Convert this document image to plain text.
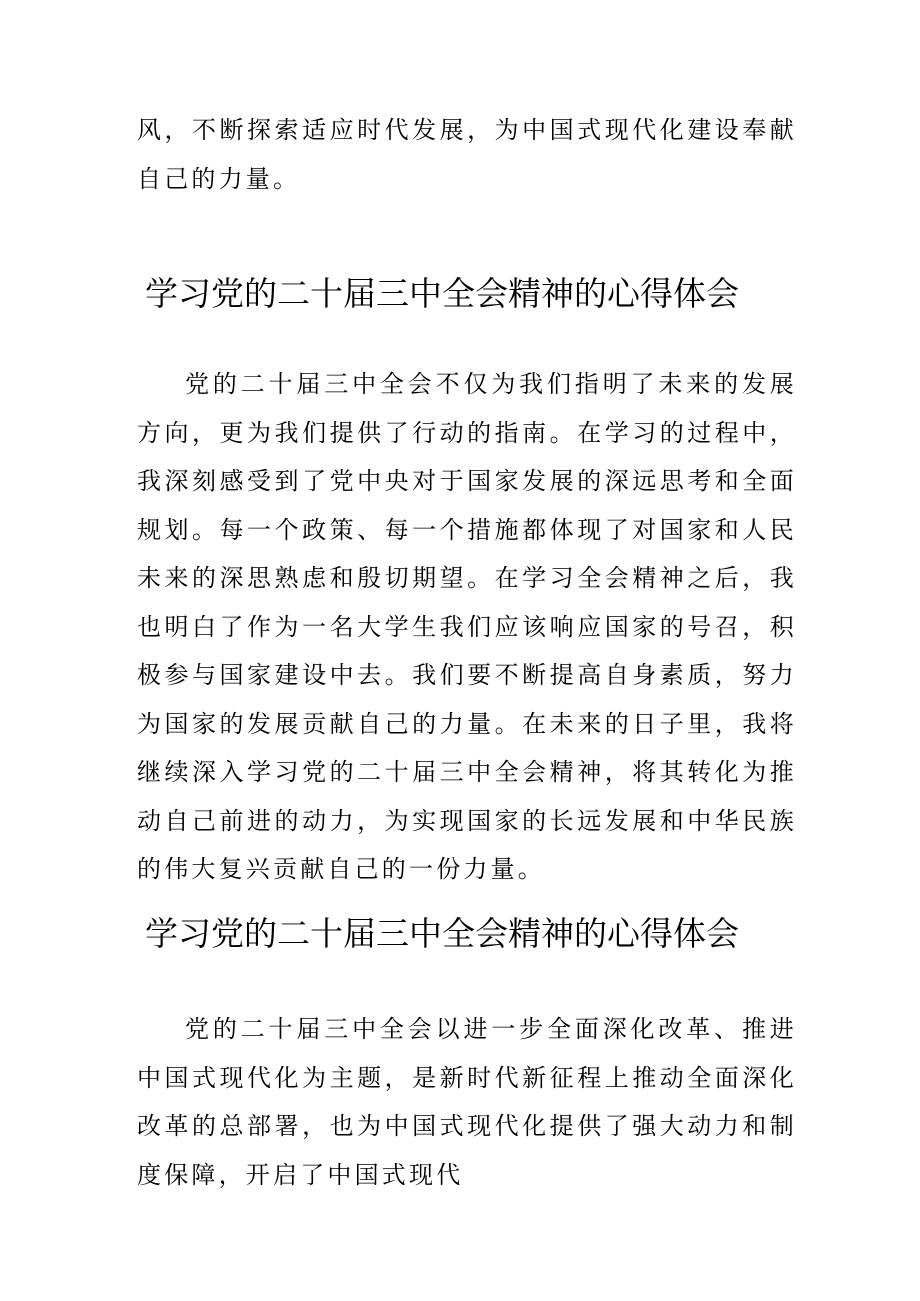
风，不断探索适应时代发展，为中国式现代化建设奉献自己的力量。

学习党的二十届三中全会精神的心得体会

党的二十届三中全会不仅为我们指明了未来的发展方向，更为我们提供了行动的指南。在学习的过程中，我深刻感受到了党中央对于国家发展的深远思考和全面规划。每一个政策、每一个措施都体现了对国家和人民未来的深思熟虑和殷切期望。在学习全会精神之后，我也明白了作为一名大学生我们应该响应国家的号召，积极参与国家建设中去。我们要不断提高自身素质，努力为国家的发展贡献自己的力量。在未来的日子里，我将继续深入学习党的二十届三中全会精神，将其转化为推动自己前进的动力，为实现国家的长远发展和中华民族的伟大复兴贡献自己的一份力量。

学习党的二十届三中全会精神的心得体会

党的二十届三中全会以进一步全面深化改革、推进中国式现代化为主题，是新时代新征程上推动全面深化改革的总部署，也为中国式现代化提供了强大动力和制度保障，开启了中国式现代
